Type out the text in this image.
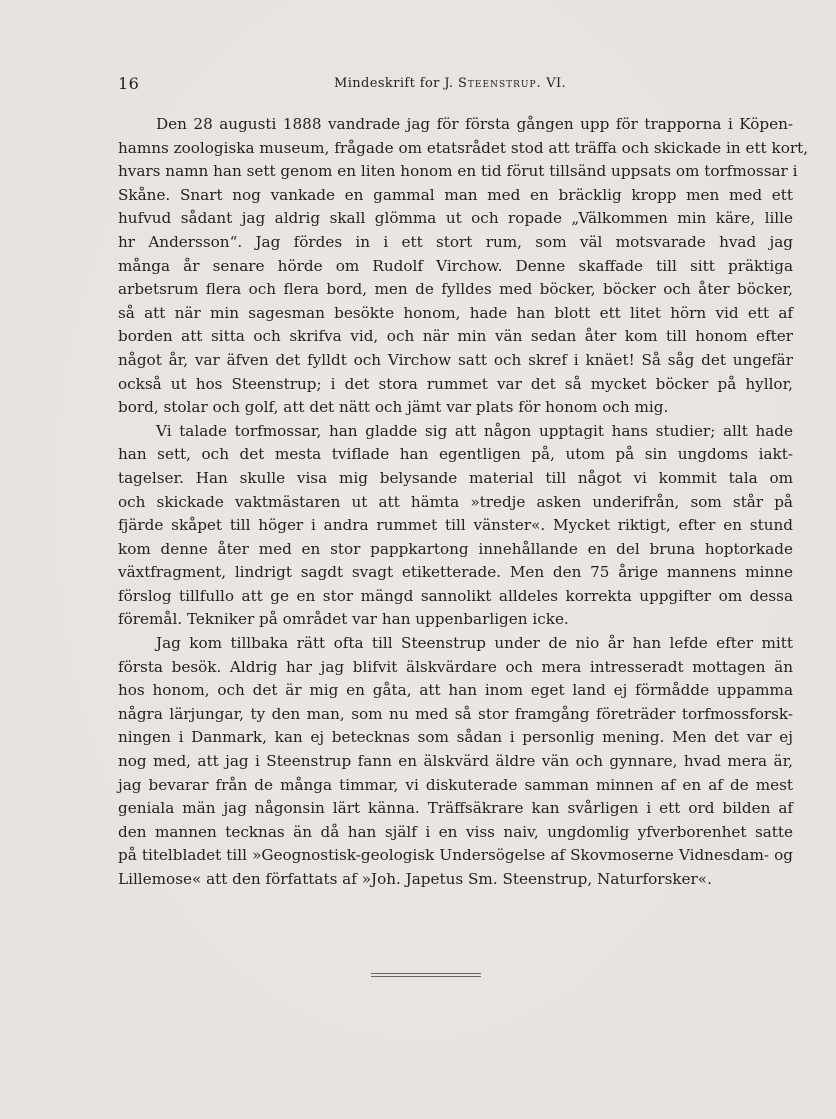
16	Mindeskrift for J. Steenstrup. VI.
Den 28 augusti 1888 vandrade jag för första gången upp för trapporna i Köpen-
hamns zoologiska museum, frågade om etatsrådet stod att träffa och skickade in ett kort,
hvars namn han sett genom en liten honom en tid förut tillsänd uppsats om torfmossar i
Skåne. Snart nog vankade en gammal man med en bräcklig kropp men med ett
hufvud sådant jag aldrig skall glömma ut och ropade „Välkommen min käre, lille
hr Andersson“. Jag fördes in i ett stort rum, som väl motsvarade hvad jag
många år senare hörde om Rudolf Virchow. Denne skaffade till sitt präktiga
arbetsrum flera och flera bord, men de fylldes med böcker, böcker och åter böcker,
så att när min sagesman besökte honom, hade han blott ett litet hörn vid ett af
borden att sitta och skrifva vid, och när min vän sedan åter kom till honom efter
något år, var äfven det fylldt och Virchow satt och skref i knäet! Så såg det ungefär
också ut hos Steenstrup; i det stora rummet var det så mycket böcker på hyllor,
bord, stolar och golf, att det nätt och jämt var plats för honom och mig.
Vi talade torfmossar, han gladde sig att någon upptagit hans studier; allt hade
han sett, och det mesta tviflade han egentligen på, utom på sin ungdoms iakt-
tagelser. Han skulle visa mig belysande material till något vi kommit tala om
och skickade vaktmästaren ut att hämta »tredje asken underifrån, som står på
fjärde skåpet till höger i andra rummet till vänster«. Mycket riktigt, efter en stund
kom denne åter med en stor pappkartong innehållande en del bruna hoptorkade
växtfragment, lindrigt sagdt svagt etiketterade. Men den 75 årige mannens minne
förslog tillfullo att ge en stor mängd sannolikt alldeles korrekta uppgifter om dessa
föremål. Tekniker på området var han uppenbarligen icke.
Jag kom tillbaka rätt ofta till Steenstrup under de nio år han lefde efter mitt
första besök. Aldrig har jag blifvit älskvärdare och mera intresseradt mottagen än
hos honom, och det är mig en gåta, att han inom eget land ej förmådde uppamma
några lärjungar, ty den man, som nu med så stor framgång företräder torfmossforsk-
ningen i Danmark, kan ej betecknas som sådan i personlig mening. Men det var ej
nog med, att jag i Steenstrup fann en älskvärd äldre vän och gynnare, hvad mera är,
jag bevarar från de många timmar, vi diskuterade samman minnen af en af de mest
geniala män jag någonsin lärt känna. Träffsäkrare kan svårligen i ett ord bilden af
den mannen tecknas än då han själf i en viss naiv, ungdomlig yfverborenhet satte
på titelbladet till »Geognostisk-geologisk Undersögelse af Skovmoserne Vidnesdam- og
Lillemose« att den författats af »Joh. Japetus Sm. Steenstrup, Naturforsker«.
